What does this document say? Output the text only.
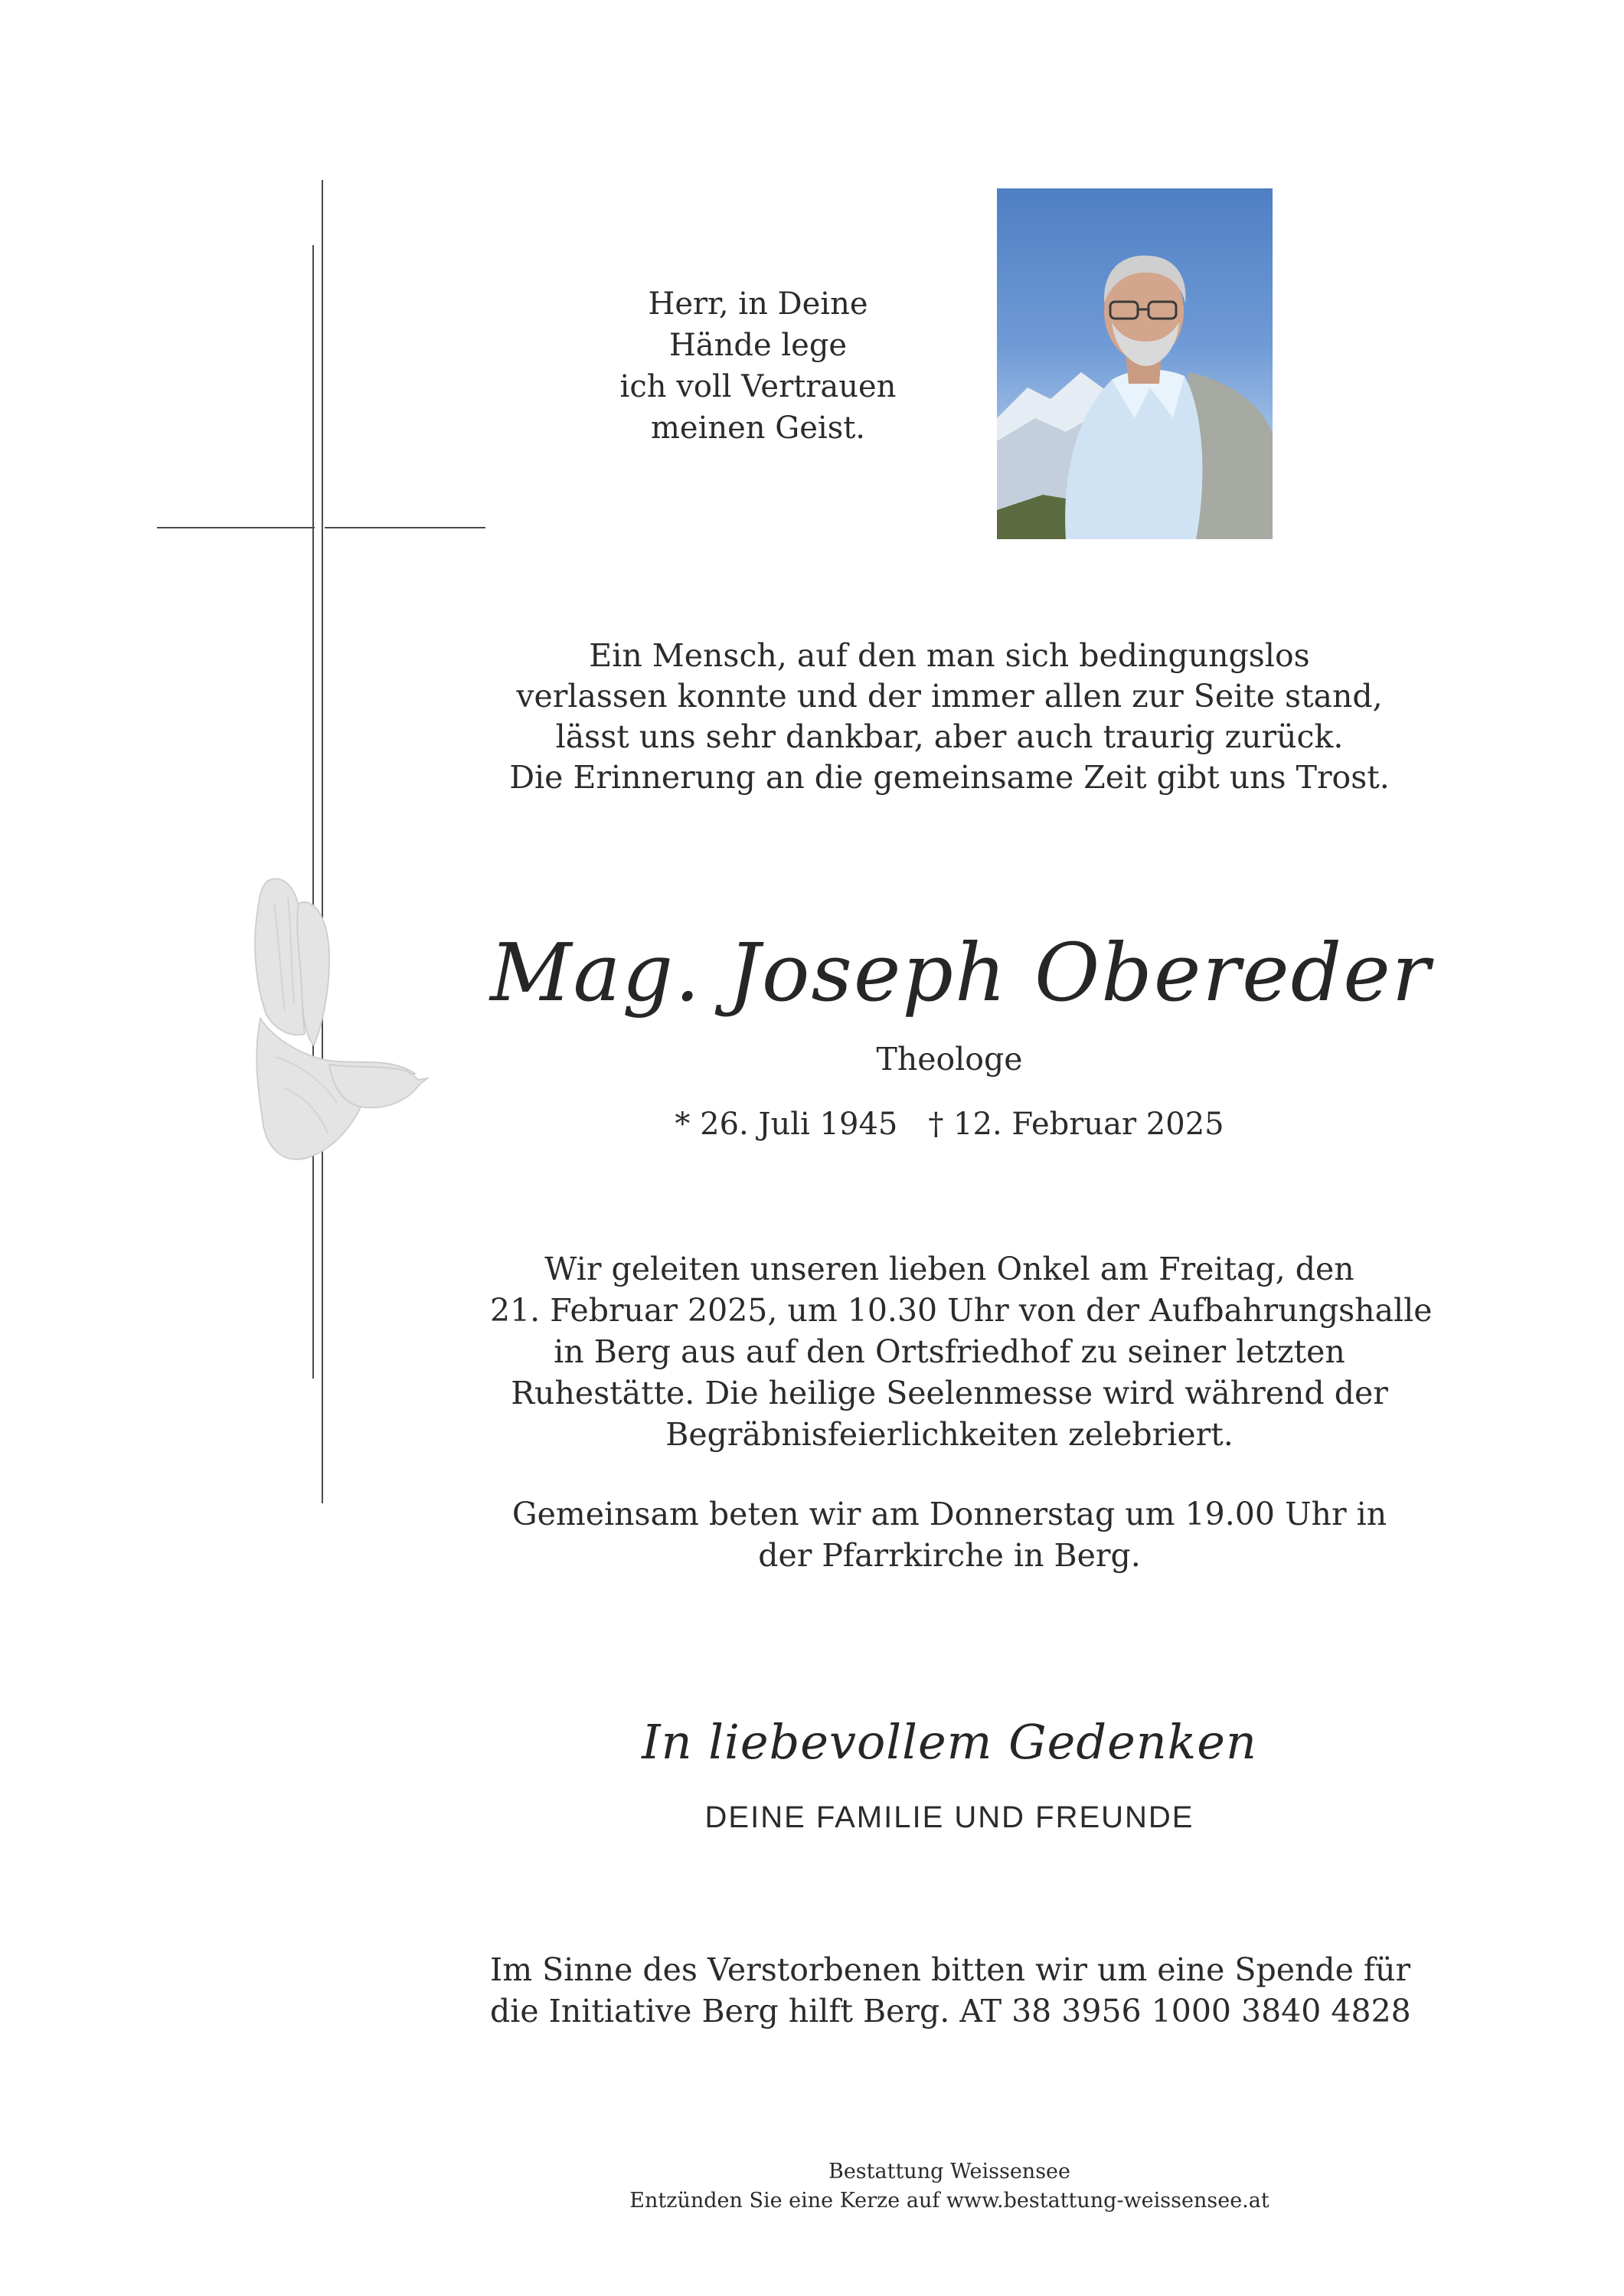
Herr, in Deine
Hände lege
ich voll Vertrauen
meinen Geist.
Ein Mensch, auf den man sich bedingungslos
verlassen konnte und der immer allen zur Seite stand,
lässt uns sehr dankbar, aber auch traurig zurück.
Die Erinnerung an die gemeinsame Zeit gibt uns Trost.
Mag. Joseph Obereder
Theologe
* 26. Juli 1945 † 12. Februar 2025
Wir geleiten unseren lieben Onkel am Freitag, den
21. Februar 2025, um 10.30 Uhr von der Aufbahrungshalle
in Berg aus auf den Ortsfriedhof zu seiner letzten
Ruhestätte. Die heilige Seelenmesse wird während der
Begräbnisfeierlichkeiten zelebriert.
Gemeinsam beten wir am Donnerstag um 19.00 Uhr in
der Pfarrkirche in Berg.
In liebevollem Gedenken
DEINE FAMILIE UND FREUNDE
Im Sinne des Verstorbenen bitten wir um eine Spende für
die Initiative Berg hilft Berg. AT 38 3956 1000 3840 4828
Bestattung Weissensee
Entzünden Sie eine Kerze auf www.bestattung-weissensee.at
